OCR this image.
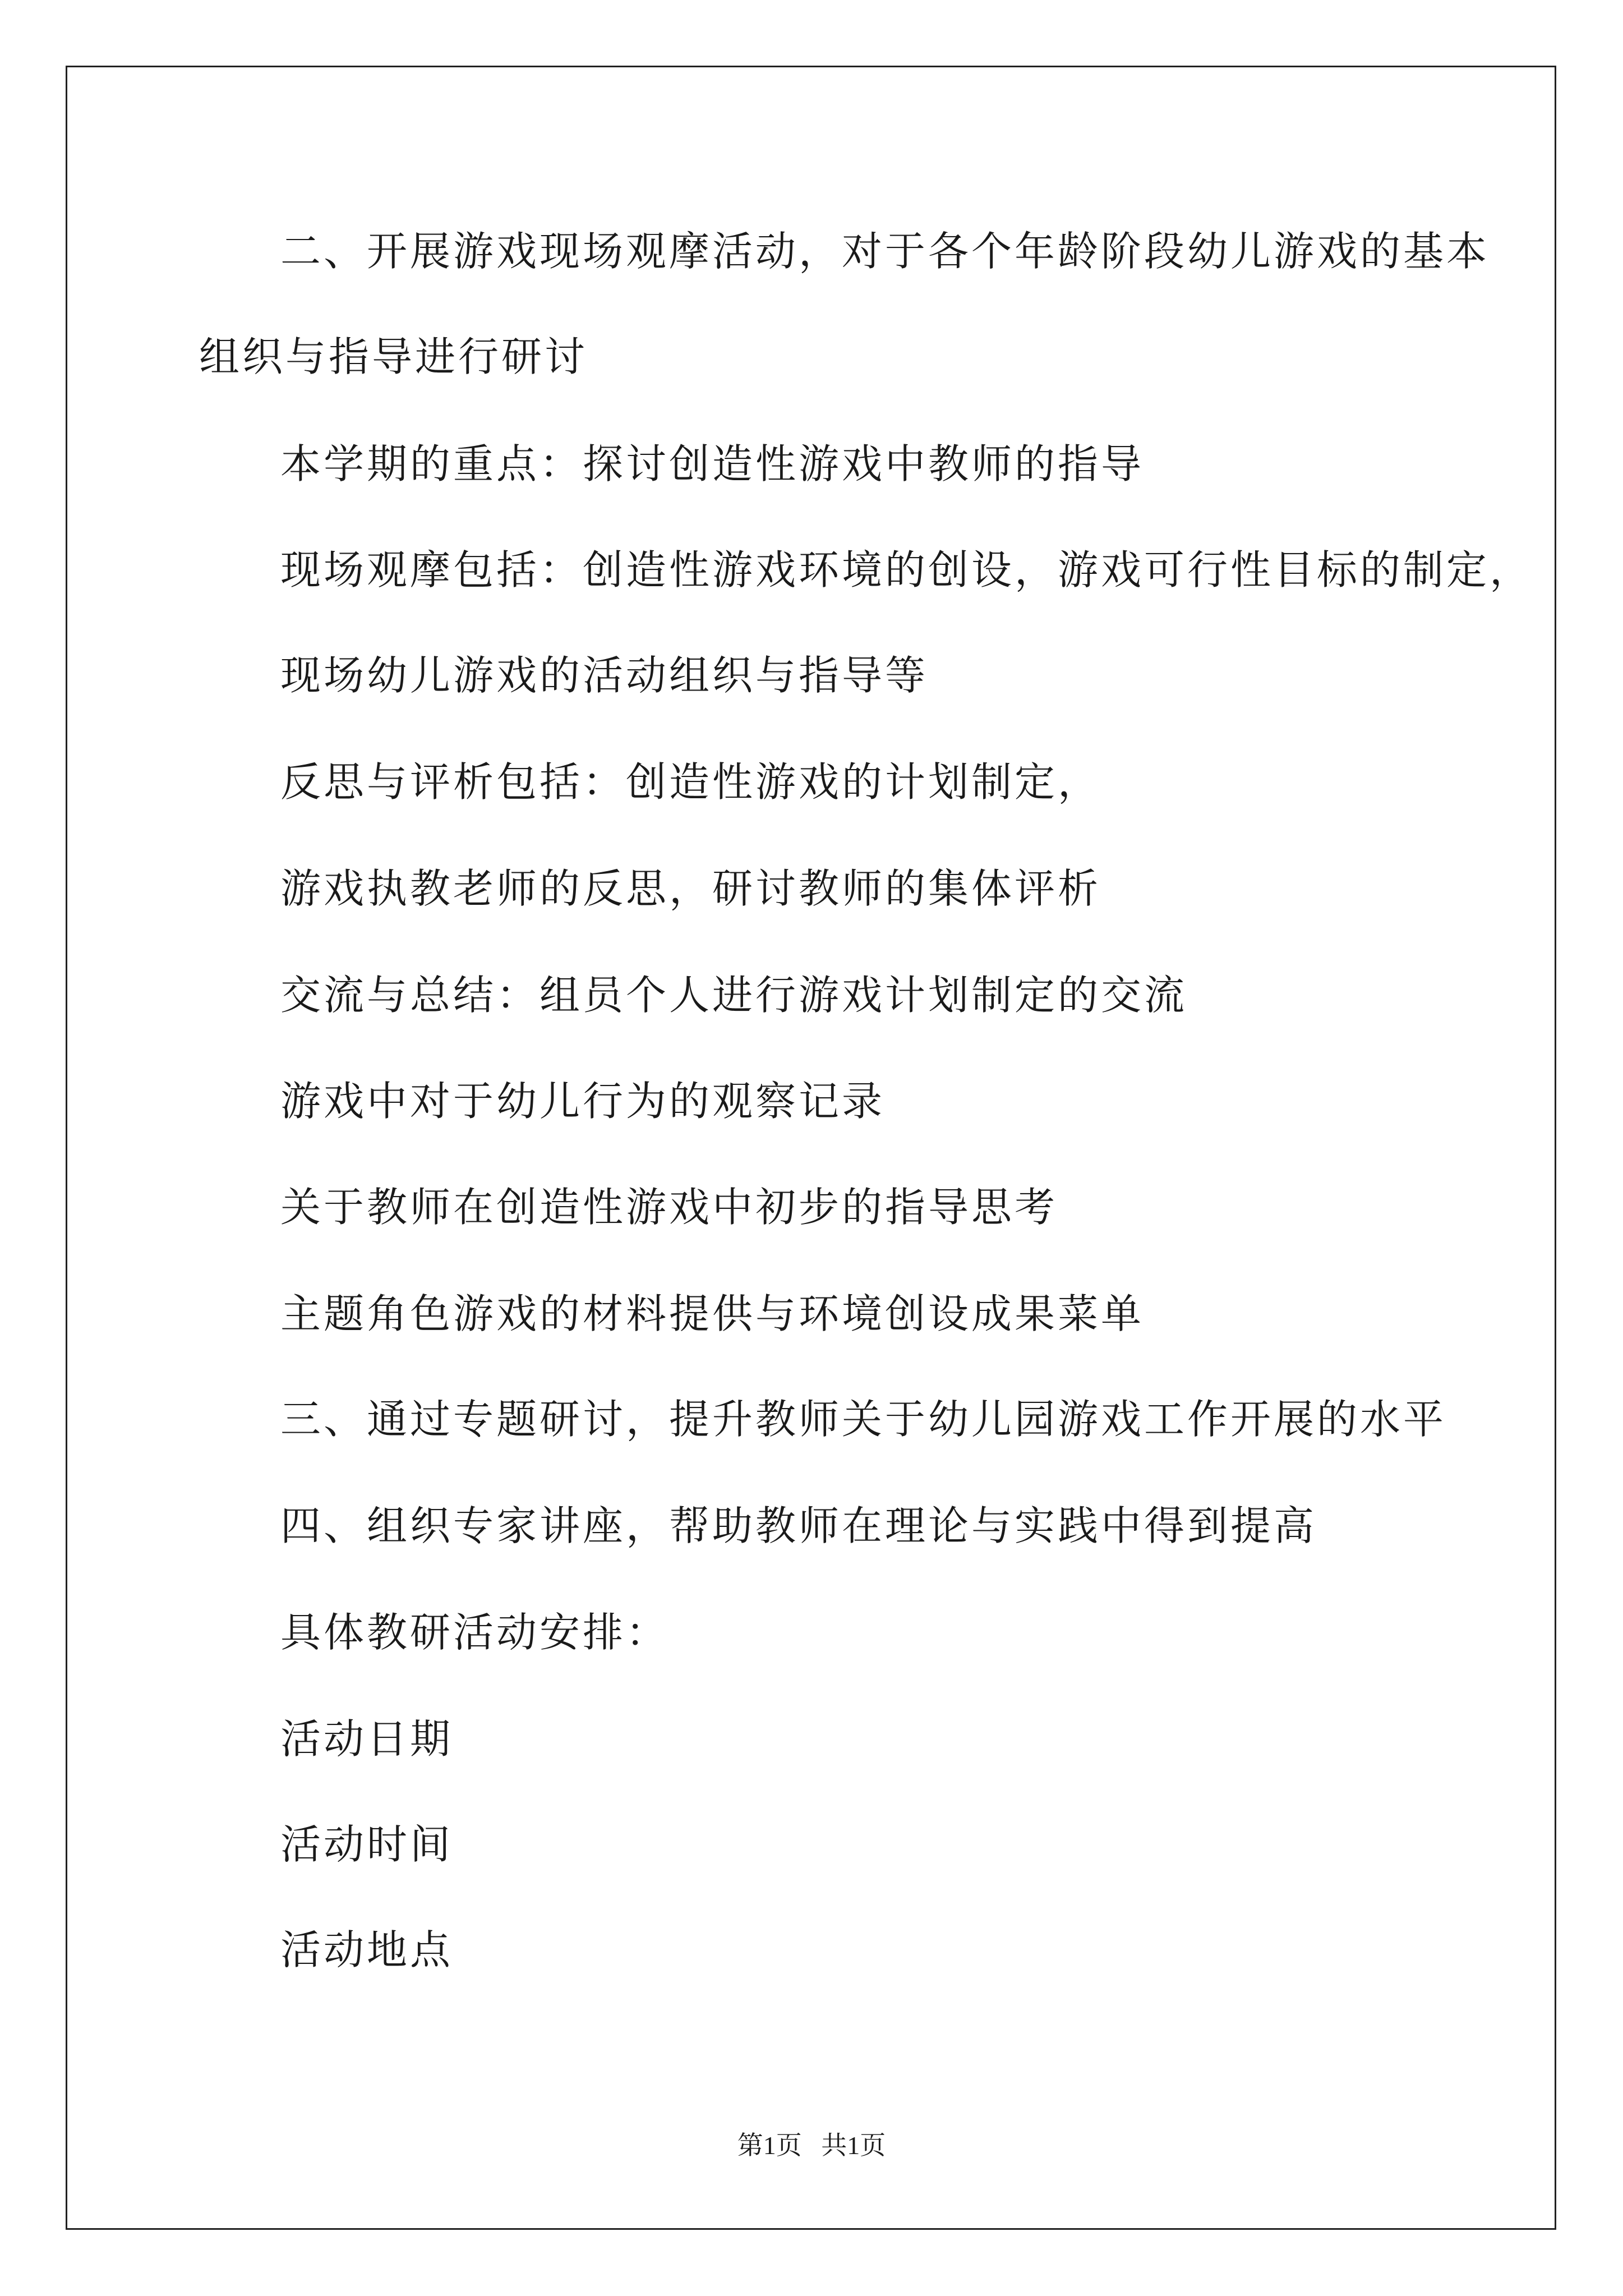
二、开展游戏现场观摩活动，对于各个年龄阶段幼儿游戏的基本
组织与指导进行研讨
本学期的重点：探讨创造性游戏中教师的指导
现场观摩包括：创造性游戏环境的创设，游戏可行性目标的制定，
现场幼儿游戏的活动组织与指导等
反思与评析包括：创造性游戏的计划制定，
游戏执教老师的反思，研讨教师的集体评析
交流与总结：组员个人进行游戏计划制定的交流
游戏中对于幼儿行为的观察记录
关于教师在创造性游戏中初步的指导思考
主题角色游戏的材料提供与环境创设成果菜单
三、通过专题研讨，提升教师关于幼儿园游戏工作开展的水平
四、组织专家讲座，帮助教师在理论与实践中得到提高
具体教研活动安排：
活动日期
活动时间
活动地点
第1页   共1页
